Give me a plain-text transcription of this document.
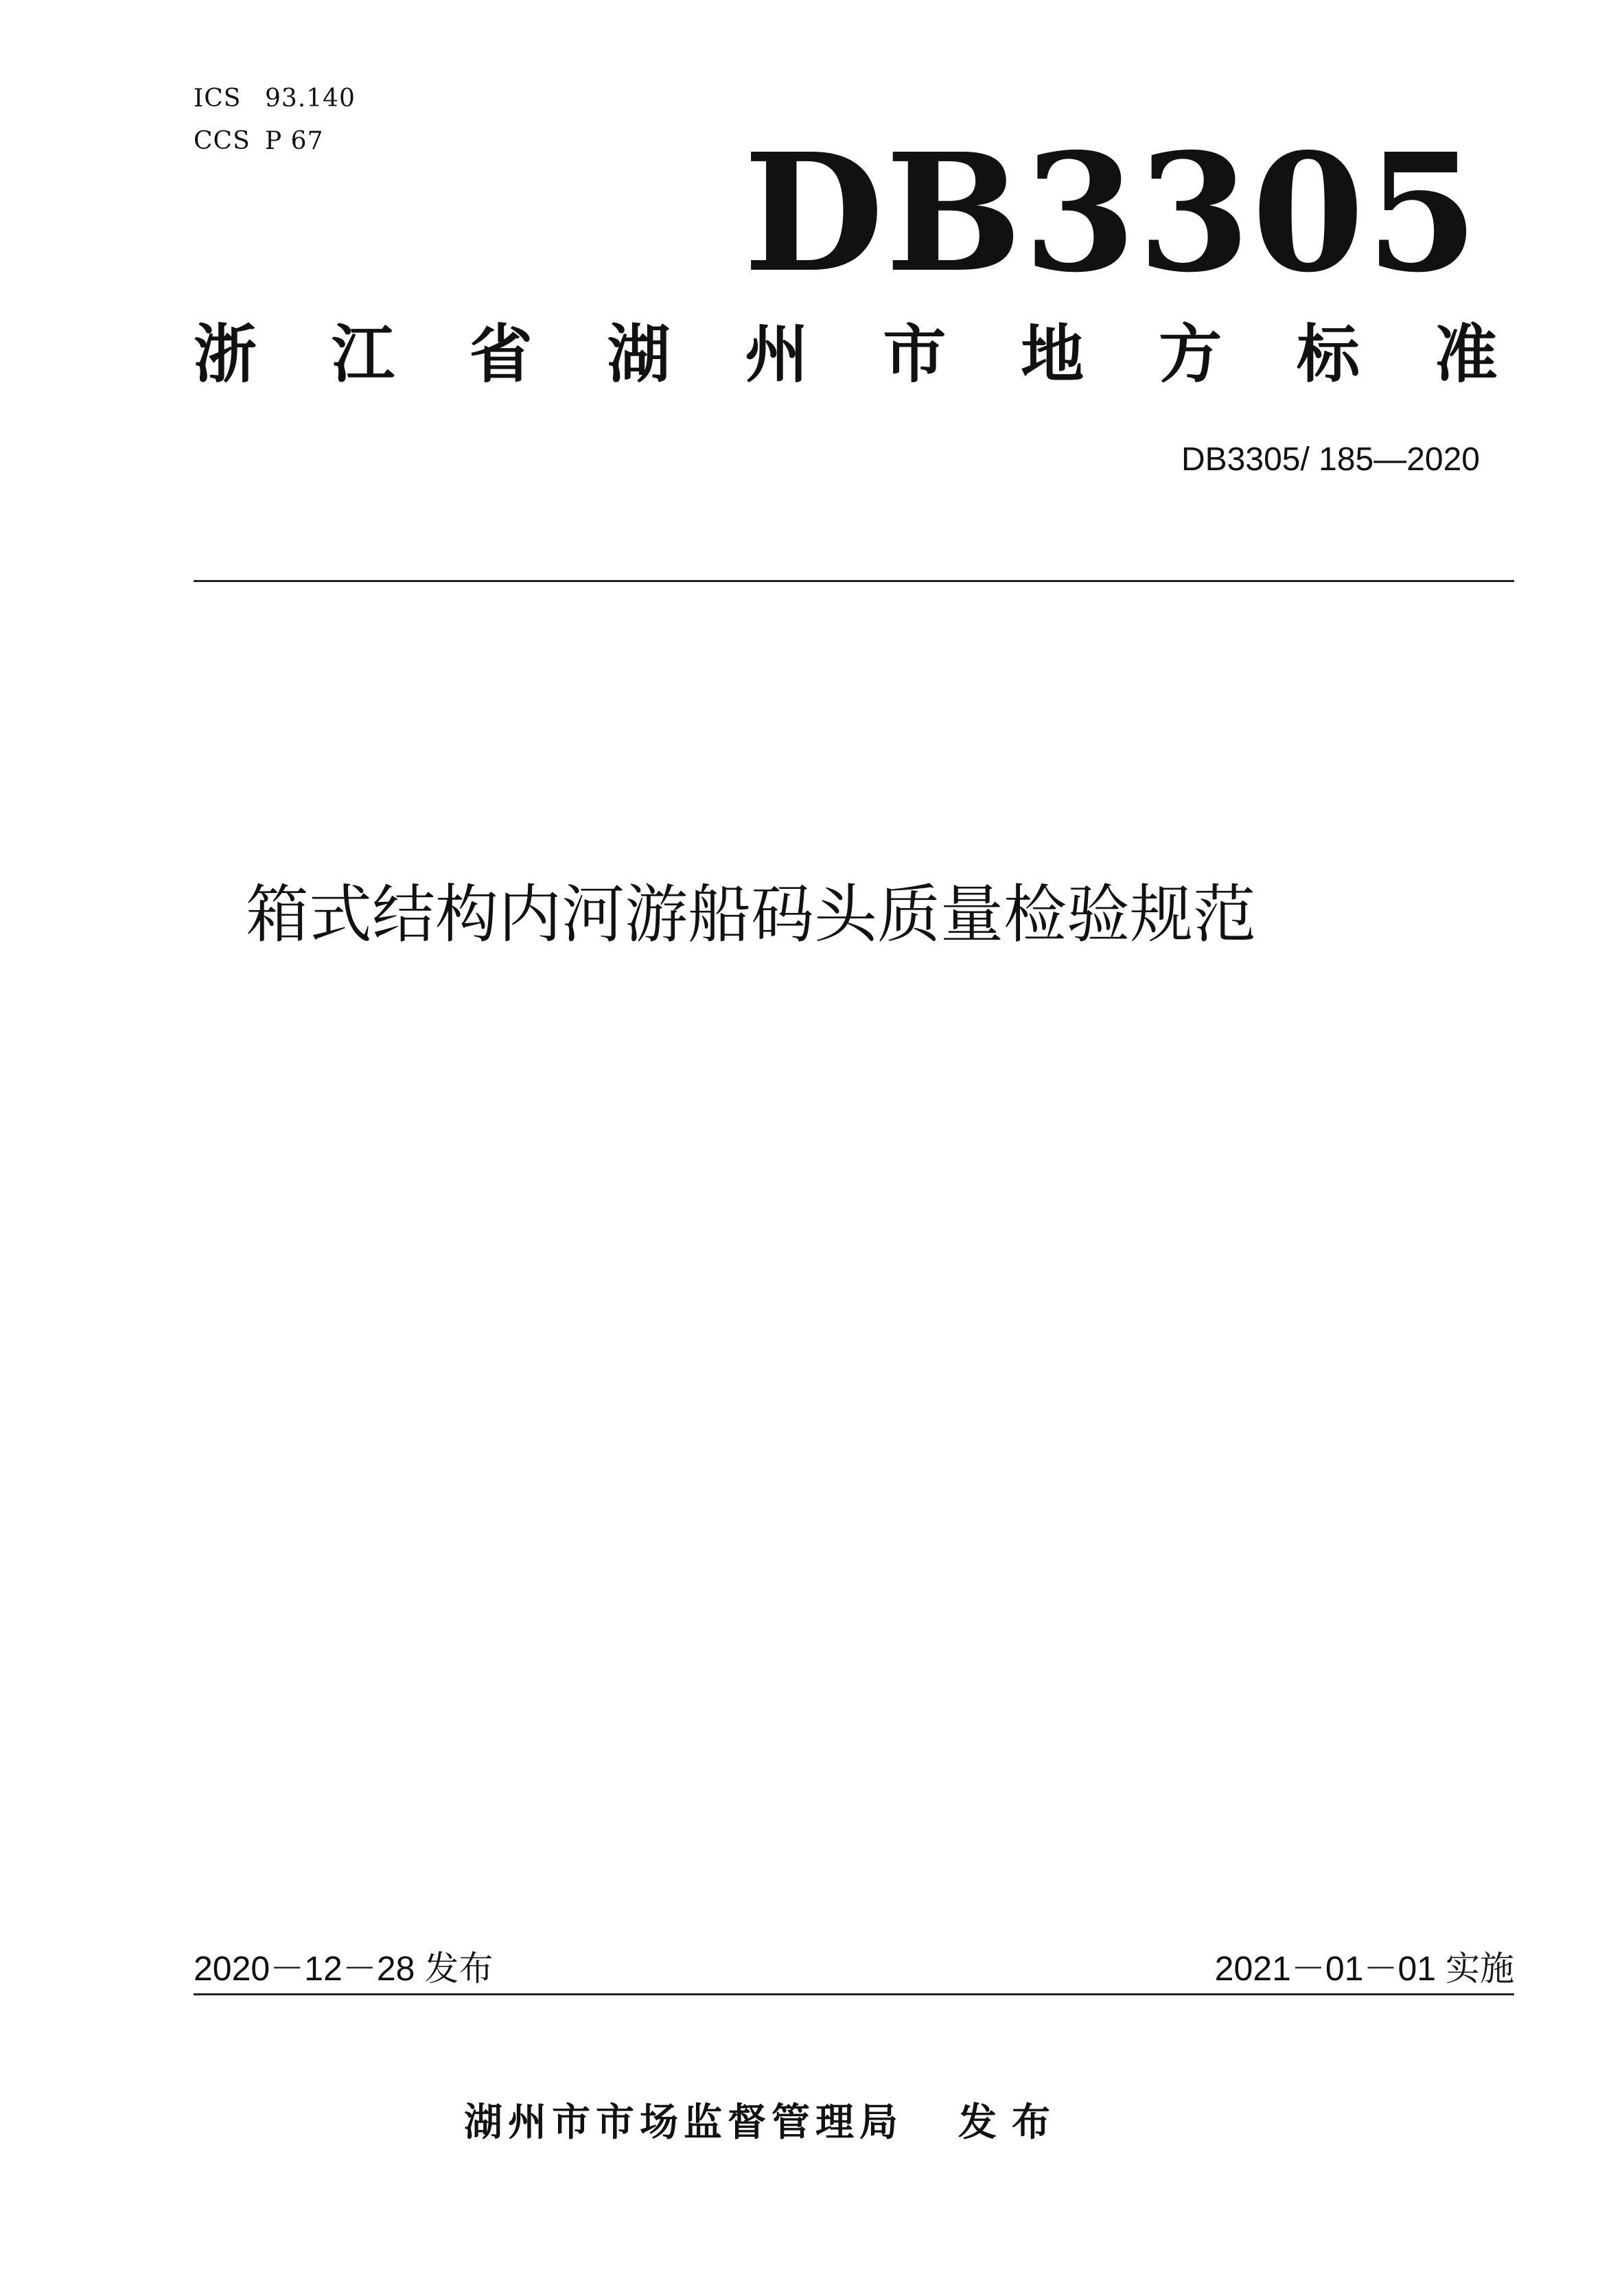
ICS 93.140
CCS P 67	DB3305
浙 江 省 湖 州 市 地 方 标 准
DB3305/ 185—2020
箱式结构内河游船码头质量检验规范
2020－12－28 发布	2021－01－01 实施
湖州市市场监督管理局 发布
